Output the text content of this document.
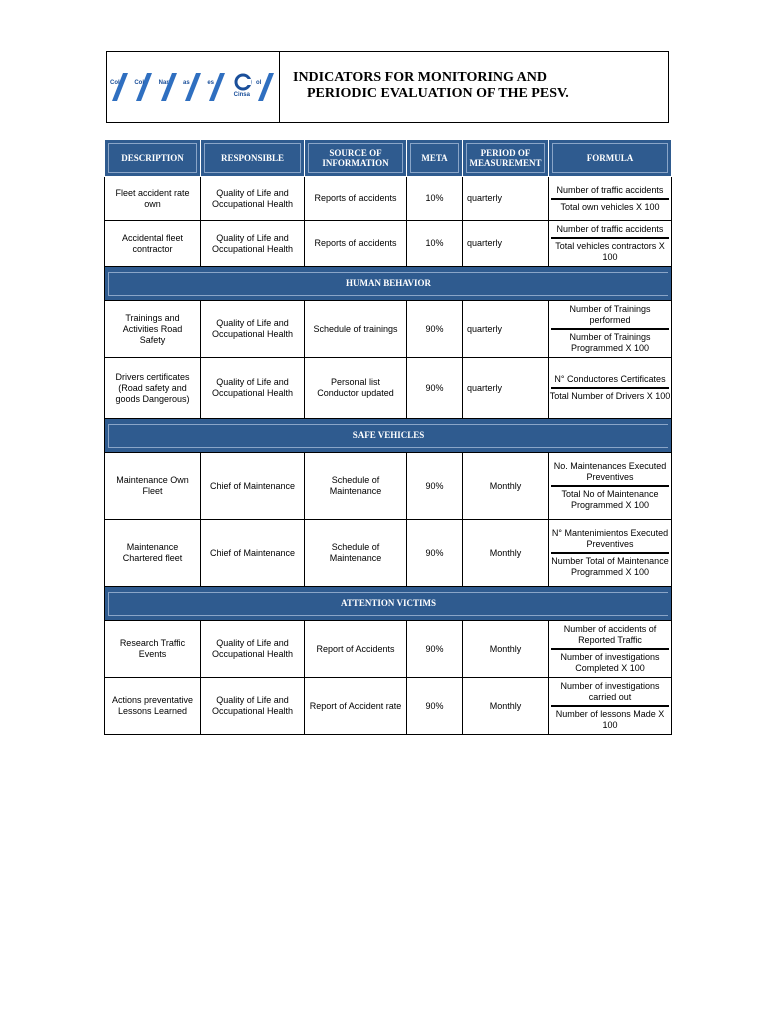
Col Col Nar as	es
Cinsa
ol INDICATORS FOR MONITORING AND
PERIODIC EVALUATION OF THE PESV.
DESCRIPTION	RESPONSIBLE	SOURCE OF INFORMATION	META	PERIOD OF MEASUREMENT	FORMULA

Fleet accident rate own	Quality of Life and Occupational Health	Reports of accidents	10%	quarterly	Number of traffic accidents
Total own vehicles X 100

Accidental fleet contractor	Quality of Life and Occupational Health	Reports of accidents	10%	quarterly	Number of traffic accidents
Total vehicles contractors X 100

HUMAN BEHAVIOR					

Trainings and Activities Road Safety	Quality of Life and Occupational Health	Schedule of trainings	90%	quarterly	Number of Trainings performed
Number of Trainings Programmed X 100

Drivers certificates (Road safety and goods Dangerous)	Quality of Life and Occupational Health	Personal list Conductor updated	90%	quarterly	N° Conductores Certificates
Total Number of Drivers X 100

SAFE VEHICLES					

Maintenance Own Fleet	Chief of Maintenance	Schedule of Maintenance	90%	Monthly	No. Maintenances Executed Preventives
Total No of Maintenance Programmed X 100

Maintenance Chartered fleet	Chief of Maintenance	Schedule of Maintenance	90%	Monthly	N° Mantenimientos Executed Preventives
Number Total of Maintenance Programmed X 100

ATTENTION VICTIMS					

Research Traffic Events	Quality of Life and Occupational Health	Report of Accidents	90%	Monthly	Number of accidents of Reported Traffic
Number of investigations Completed X 100

Actions preventative Lessons Learned	Quality of Life and Occupational Health	Report of Accident rate	90%	Monthly	Number of investigations carried out
Number of lessons Made X 100
